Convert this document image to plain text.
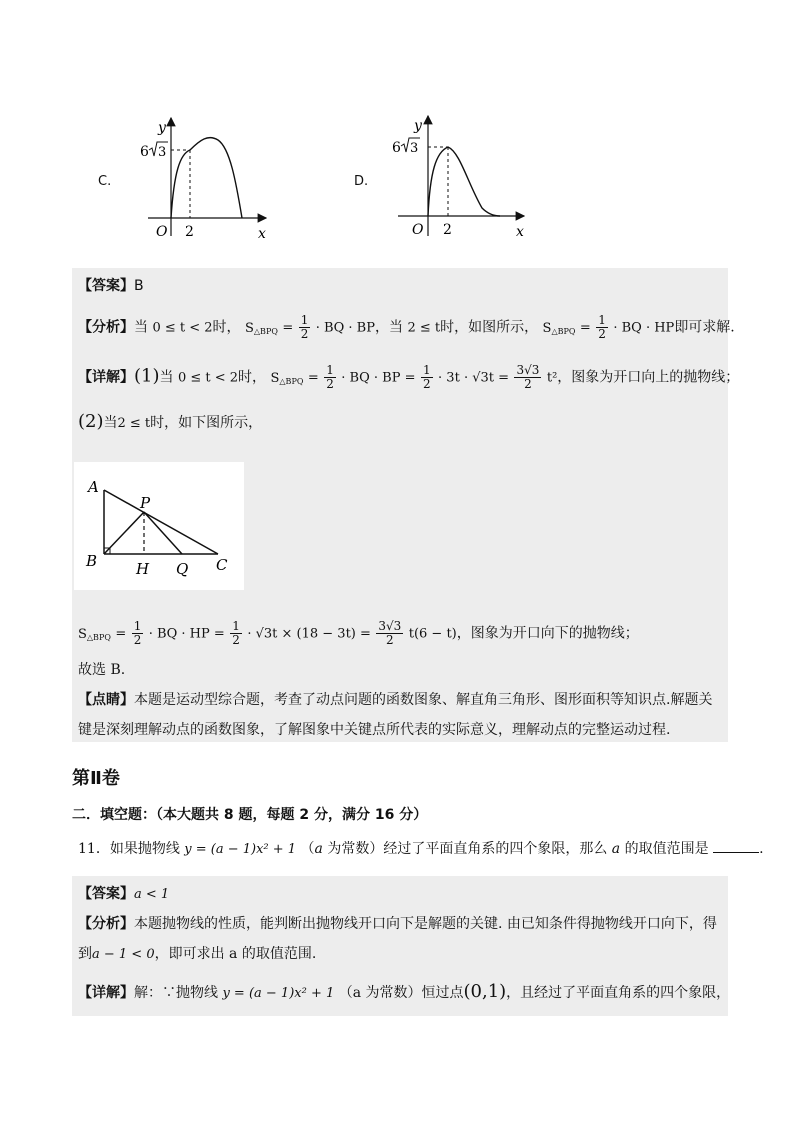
C.
y
x
O 2
6 3
D.
y
x
O 2
6 3
【答案】B
【分析】当 0 ≤ t < 2时， $S_{\triangle BPQ} = \frac{1}{2}$ · BQ · BP，当 2 ≤ t时，如图所示， $S_{\triangle BPQ} = \frac{1}{2}$ · BQ · HP即可求解.
【详解】(1)当 0 ≤ t < 2时， $S_{\triangle BPQ} = \frac{1}{2}$ · BQ · BP = $\frac{1}{2} \cdot 3t \cdot √3t = \frac{3√3}{2} t^2$，图象为开口向上的抛物线；
(2)当2 ≤ t时，如下图所示，
A
P
B	H Q C
$S_{\triangle BPQ} = \frac{1}{2}$ · BQ · HP = $\frac{1}{2} \cdot √3t \times (18 - 3t) = \frac{3√3}{2} t(6 - t)$，图象为开口向下的抛物线；
故选 B.
【点睛】本题是运动型综合题，考查了动点问题的函数图象、解直角三角形、图形面积等知识点.解题关
键是深刻理解动点的函数图象，了解图象中关键点所代表的实际意义，理解动点的完整运动过程.
第Ⅱ卷
二．填空题：（本大题共 8 题，每题 2 分，满分 16 分）
11．如果抛物线 y = (a − 1)x² + 1 （a 为常数）经过了平面直角系的四个象限，那么 a 的取值范围是	.
【答案】a < 1
【分析】本题抛物线的性质，能判断出抛物线开口向下是解题的关键. 由已知条件得抛物线开口向下，得
到a − 1 < 0，即可求出 a 的取值范围.
【详解】解：∵抛物线 y = (a − 1)x² + 1 （a 为常数）恒过点(0,1)，且经过了平面直角系的四个象限，
